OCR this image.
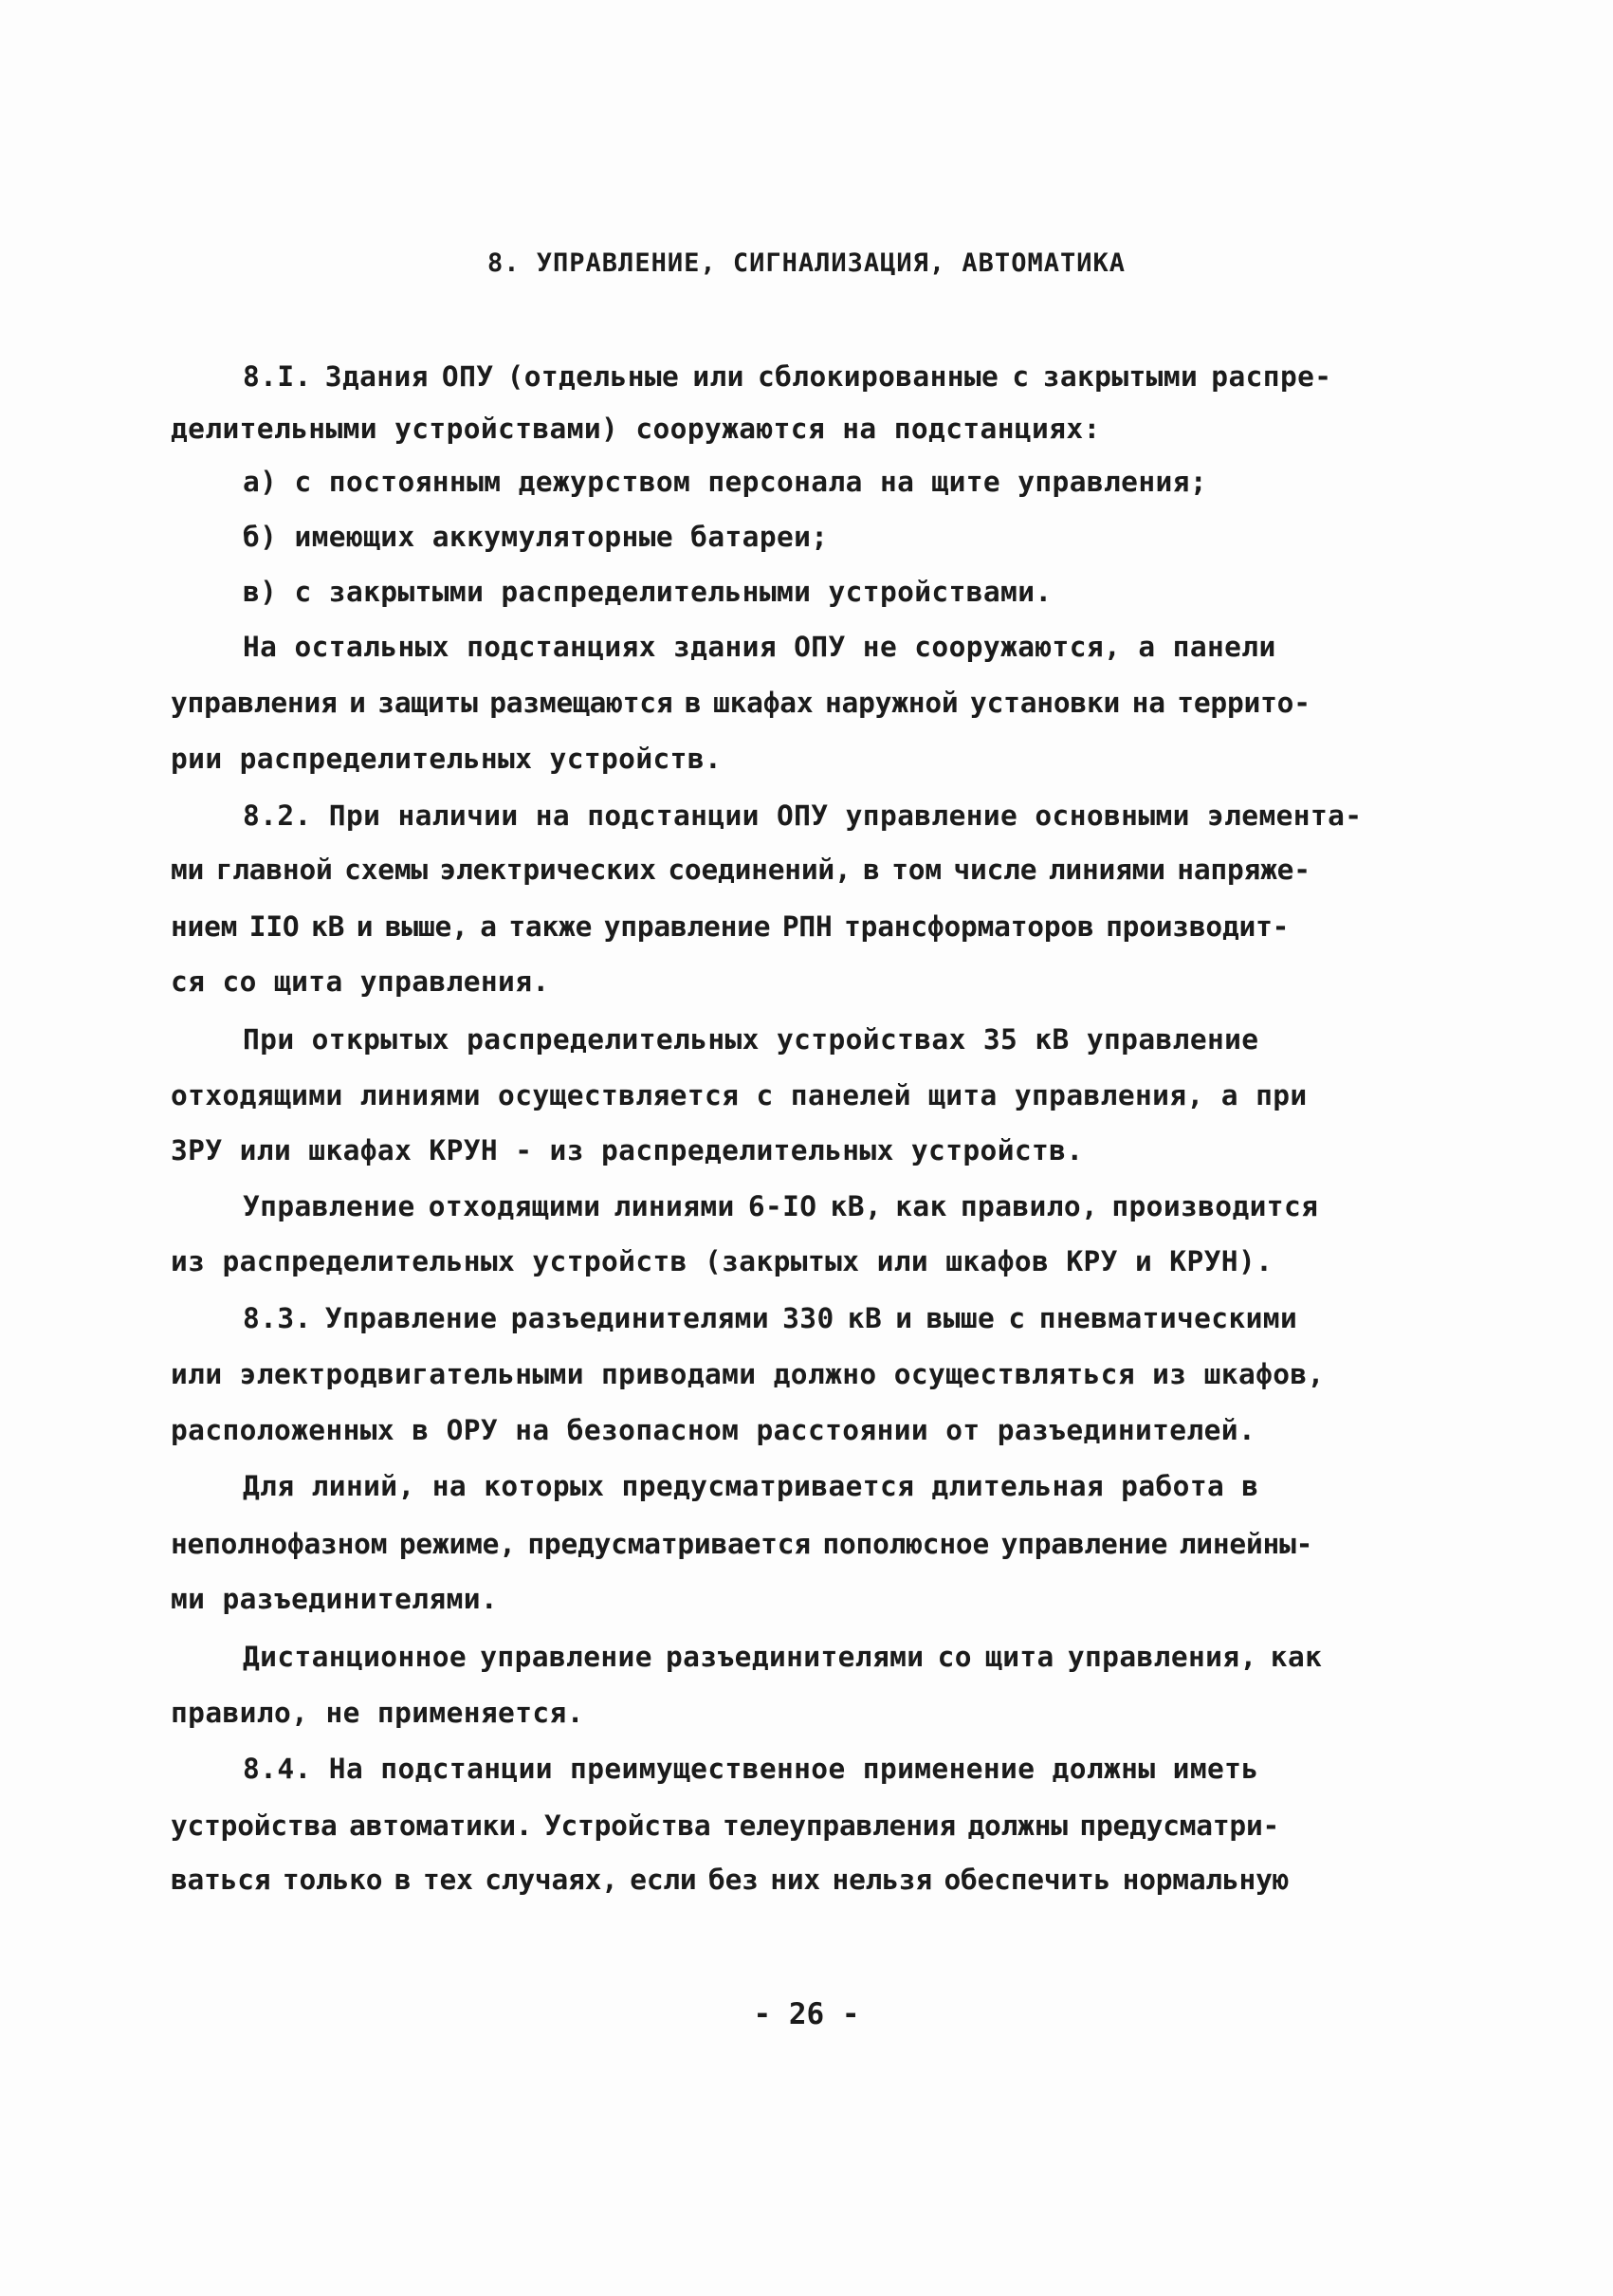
8. УПРАВЛЕНИЕ, СИГНАЛИЗАЦИЯ, АВТОМАТИКА
8.I. Здания ОПУ (отдельные или сблокированные с закрытыми распре-
делительными устройствами) сооружаются на подстанциях:
а) с постоянным дежурством персонала на щите управления;
б) имеющих аккумуляторные батареи;
в) с закрытыми распределительными устройствами.
На остальных подстанциях здания ОПУ не сооружаются, а панели
управления и защиты размещаются в шкафах наружной установки на террито-
рии распределительных устройств.
8.2. При наличии на подстанции ОПУ управление основными элемента-
ми главной схемы электрических соединений, в том числе линиями напряже-
нием IIO кВ и выше, а также управление РПН трансформаторов производит-
ся со щита управления.
При открытых распределительных устройствах 35 кВ управление
отходящими линиями осуществляется с панелей щита управления, а при
ЗРУ или шкафах КРУН - из распределительных устройств.
Управление отходящими линиями 6-IO кВ, как правило, производится
из распределительных устройств (закрытых или шкафов КРУ и КРУН).
8.3. Управление разъединителями 330 кВ и выше с пневматическими
или электродвигательными приводами должно осуществляться из шкафов,
расположенных в ОРУ на безопасном расстоянии от разъединителей.
Для линий, на которых предусматривается длительная работа в
неполнофазном режиме, предусматривается пополюсное управление линейны-
ми разъединителями.
Дистанционное управление разъединителями со щита управления, как
правило, не применяется.
8.4. На подстанции преимущественное применение должны иметь
устройства автоматики. Устройства телеуправления должны предусматри-
ваться только в тех случаях, если без них нельзя обеспечить нормальную
- 26 -
